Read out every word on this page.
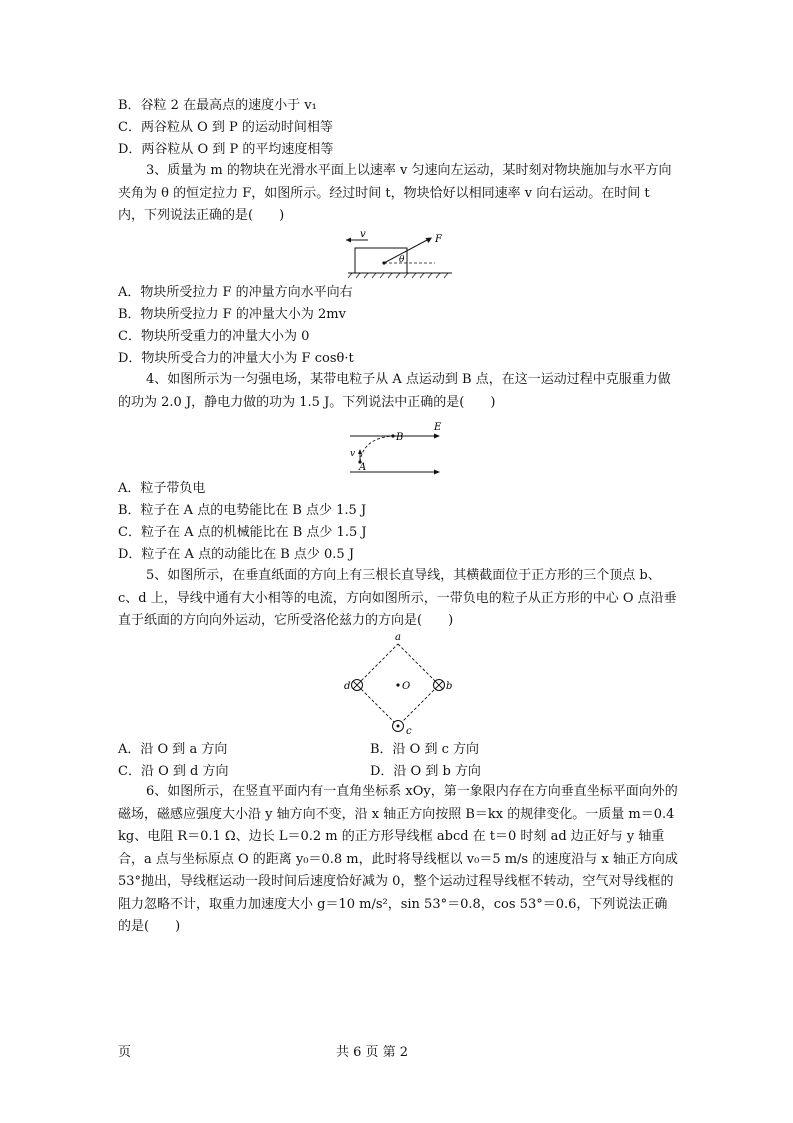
B．谷粒 2 在最高点的速度小于 v₁
C．两谷粒从 O 到 P 的运动时间相等
D．两谷粒从 O 到 P 的平均速度相等
3、质量为 m 的物块在光滑水平面上以速率 v 匀速向左运动，某时刻对物块施加与水平方向夹角为 θ 的恒定拉力 F，如图所示。经过时间 t，物块恰好以相同速率 v 向右运动。在时间 t 内，下列说法正确的是(　　)
v	F
θ
A．物块所受拉力 F 的冲量方向水平向右
B．物块所受拉力 F 的冲量大小为 2mv
C．物块所受重力的冲量大小为 0
D．物块所受合力的冲量大小为 F cosθ·t
4、如图所示为一匀强电场，某带电粒子从 A 点运动到 B 点，在这一运动过程中克服重力做的功为 2.0 J，静电力做的功为 1.5 J。下列说法中正确的是(　　)
B
E
v
A
A．粒子带负电
B．粒子在 A 点的电势能比在 B 点少 1.5 J
C．粒子在 A 点的机械能比在 B 点少 1.5 J
D．粒子在 A 点的动能比在 B 点少 0.5 J
5、如图所示，在垂直纸面的方向上有三根长直导线，其横截面位于正方形的三个顶点 b、c、d 上，导线中通有大小相等的电流，方向如图所示，一带负电的粒子从正方形的中心 O 点沿垂直于纸面的方向向外运动，它所受洛伦兹力的方向是(　　)
a
d	b
c
O
A．沿 O 到 a 方向	B．沿 O 到 c 方向
C．沿 O 到 d 方向	D．沿 O 到 b 方向
6、如图所示，在竖直平面内有一直角坐标系 xOy，第一象限内存在方向垂直坐标平面向外的磁场，磁感应强度大小沿 y 轴方向不变，沿 x 轴正方向按照 B＝kx 的规律变化。一质量 m＝0.4 kg、电阻 R＝0.1 Ω、边长 L＝0.2 m 的正方形导线框 abcd 在 t＝0 时刻 ad 边正好与 y 轴重合，a 点与坐标原点 O 的距离 y₀＝0.8 m，此时将导线框以 v₀＝5 m/s 的速度沿与 x 轴正方向成 53°抛出，导线框运动一段时间后速度恰好减为 0，整个运动过程导线框不转动，空气对导线框的阻力忽略不计，取重力加速度大小 g＝10 m/s²，sin 53°＝0.8，cos 53°＝0.6，下列说法正确的是(　　)
页	共 6 页 第 2
